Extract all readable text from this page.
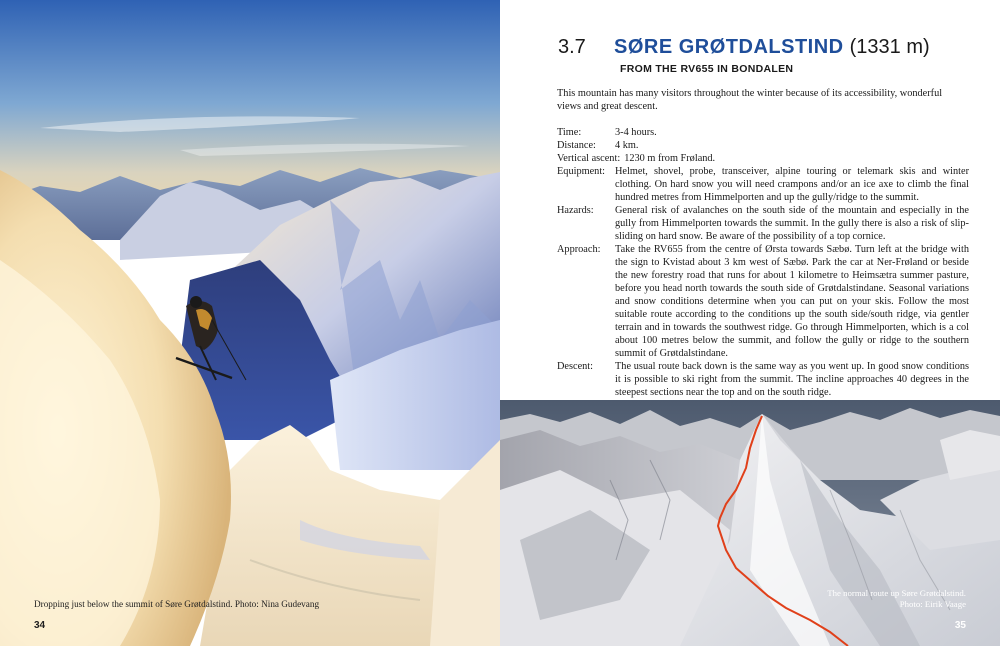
Dropping just below the summit of Søre Grøtdalstind. Photo: Nina Gudevang
34
3.7 SØRE GRØTDALSTIND (1331 m)
FROM THE RV655 IN BONDALEN
This mountain has many visitors throughout the winter because of its accessibility, wonderful views and great descent.
Time:	3-4 hours.
Distance:	4 km.
Vertical ascent: 1230 m from Frøland.
Equipment: Helmet, shovel, probe, transceiver, alpine touring or telemark skis and winter clothing. On hard snow you will need crampons and/or an ice axe to climb the final hundred metres from Himmelporten and up the gully/ridge to the summit.
Hazards:	General risk of avalanches on the south side of the mountain and especially in the gully from Himmelporten towards the summit. In the gully there is also a risk of slip-sliding on hard snow. Be aware of the possibility of a top cornice.
Approach:	Take the RV655 from the centre of Ørsta towards Sæbø. Turn left at the bridge with the sign to Kvistad about 3 km west of Sæbø. Park the car at Ner-Frøland or beside the new forestry road that runs for about 1 kilometre to Heimsætra summer pasture, before you head north towards the south side of Grøtdalstindane. Seasonal variations and snow conditions determine when you can put on your skis. Follow the most suitable route according to the conditions up the south side/south ridge, via gentler terrain and in towards the southwest ridge. Go through Himmelporten, which is a col about 100 metres below the summit, and follow the gully or ridge to the southern summit of Grøtdalstindane.
Descent:	The usual route back down is the same way as you went up. In good snow conditions it is possible to ski right from the summit. The incline approaches 40 degrees in the steepest sections near the top and on the south ridge.
The normal route up Søre Grøtdalstind.
Photo: Eirik Vaage
35
